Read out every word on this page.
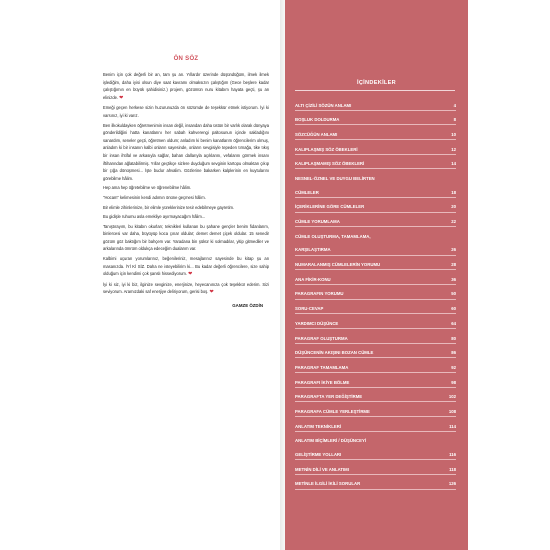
ÖN SÖZ

Benim için çok değerli bir an, tam şu an. Yıllardır üzerinde düşündüğüm, ilmek ilmek işlediğim, daha iyisi olsun diye saat kavramı olmaksızın çalıştığım (Gece beşlere kadar çalıştığımın en büyük şahidisiniz.) projem, gözümün nuru kitabım hayata geçti, şu an elinizde. ❤

Emeği geçen herkese sizin huzurunuzda ön sözümde de teşekkür etmek istiyorum. İyi ki varsınız, iyi ki varız.

Ben ilkokuldayken öğretmenimin insan değil, insandan daha üstün bir varlık olarak dünyaya gönderildiğini hatta kanatlarını her sabah kahverengi paltosunun içinde sakladığını sanardım, seneler geçti, öğretmen oldum; anladım ki benim kanatlarım öğrencilerim olmuş, anladım ki bir insanın kalbi onların sayesinde, onların sevgisiyle tepeden tırnağa, tike tıkış bir insan ihtifal ve arkasıyla sağlar, baharı dallarıyla açıklarını, vefalarını görmek insanı iftiharından ağlatabilirmiş. Yıllar geçtikçe sizlere duyduğum sevginin kartopu olmaktan çıkıp bir çığa dönüşmesi... İşte budur ahvalim. Gözlerine bakarken kalplerinin en kuytularını görebilme hâlim.

Hep ama hep öğretebilme ve öğrenebilme hâlim.

"Hocam" kelimesinin kendi adımın önüne geçmesi hâlim.

Bir elimle zihinlerinize, bir elimle yüreklerinize tesir edebilmeye gayretim.

Bu gidişle ruhumu asla emekliye ayırmayacağım hâlim...

Tanıştırayım, bu kitabın okurları; teknikleri kullanan bu şahane gençler benim fidanlarım, binlercesi var daha, büyüyüp koca çınar oldular; demet demet çiçek oldular. 15 senedir gözüm göz baktığım bir bahçem var. Yaradana bin şükür ki solmadılar, yitip gitmediler ve arkalarında ömrüm oldukça edeceğim dualarım var.

Kalbimi uçuran yorumlarınız, beğenileriniz, mesajlarınız sayesinde bu kitap şu an masanızda. İYİ Kİ SİZ. Daha ne isteyebilirim ki... Bu kadar değerli öğrencilere, size sahip olduğum için kendimi çok şanslı hissediyorum. ❤

İyi ki siz, iyi ki biz, ilginize sevginize, enerjinize, heyecanınıza çok teşekkür ederim. Sizi seviyorum. Aramızdaki saf enerjiye deliriyorum, gerisi boş. ❤

GAMZE ÖZDİN
İÇİNDEKİLER
ALTI ÇİZİLİ SÖZÜN ANLAMI	4
BOŞLUK DOLDURMA	8
SÖZCÜĞÜN ANLAMI	10
KALIPLAŞMIŞ SÖZ ÖBEKLERİ	12
KALIPLAŞMAMIŞ SÖZ ÖBEKLERİ	14
NESNEL-ÖZNEL VE DUYGU BELİRTEN
CÜMLELER	18
İÇERİKLERİNE GÖRE CÜMLELER	20
CÜMLE YORUMLAMA	22
CÜMLE OLUŞTURMA, TAMAMLAMA,
KARŞILAŞTIRMA	26
NUMARALANMIŞ CÜMLELERİN YORUMU	28
ANA FİKİR-KONU	36
PARAGRAFIN YORUMU	50
SORU-CEVAP	60
YARDIMCI DÜŞÜNCE	64
PARAGRAF OLUŞTURMA	80
DÜŞÜNCENİN AKIŞINI BOZAN CÜMLE	86
PARAGRAF TAMAMLAMA	92
PARAGRAFI İKİYE BÖLME	98
PARAGRAFTA YER DEĞİŞTİRME	102
PARAGRAFA CÜMLE YERLEŞTİRME	108
ANLATIM TEKNİKLERİ	114
ANLATIM BİÇİMLERİ / DÜŞÜNCEYİ
GELİŞTİRME YOLLARI	116
METNİN DİLİ VE ANLATIMI	118
METİNLE İLGİLİ İKİLİ SORULAR	126
